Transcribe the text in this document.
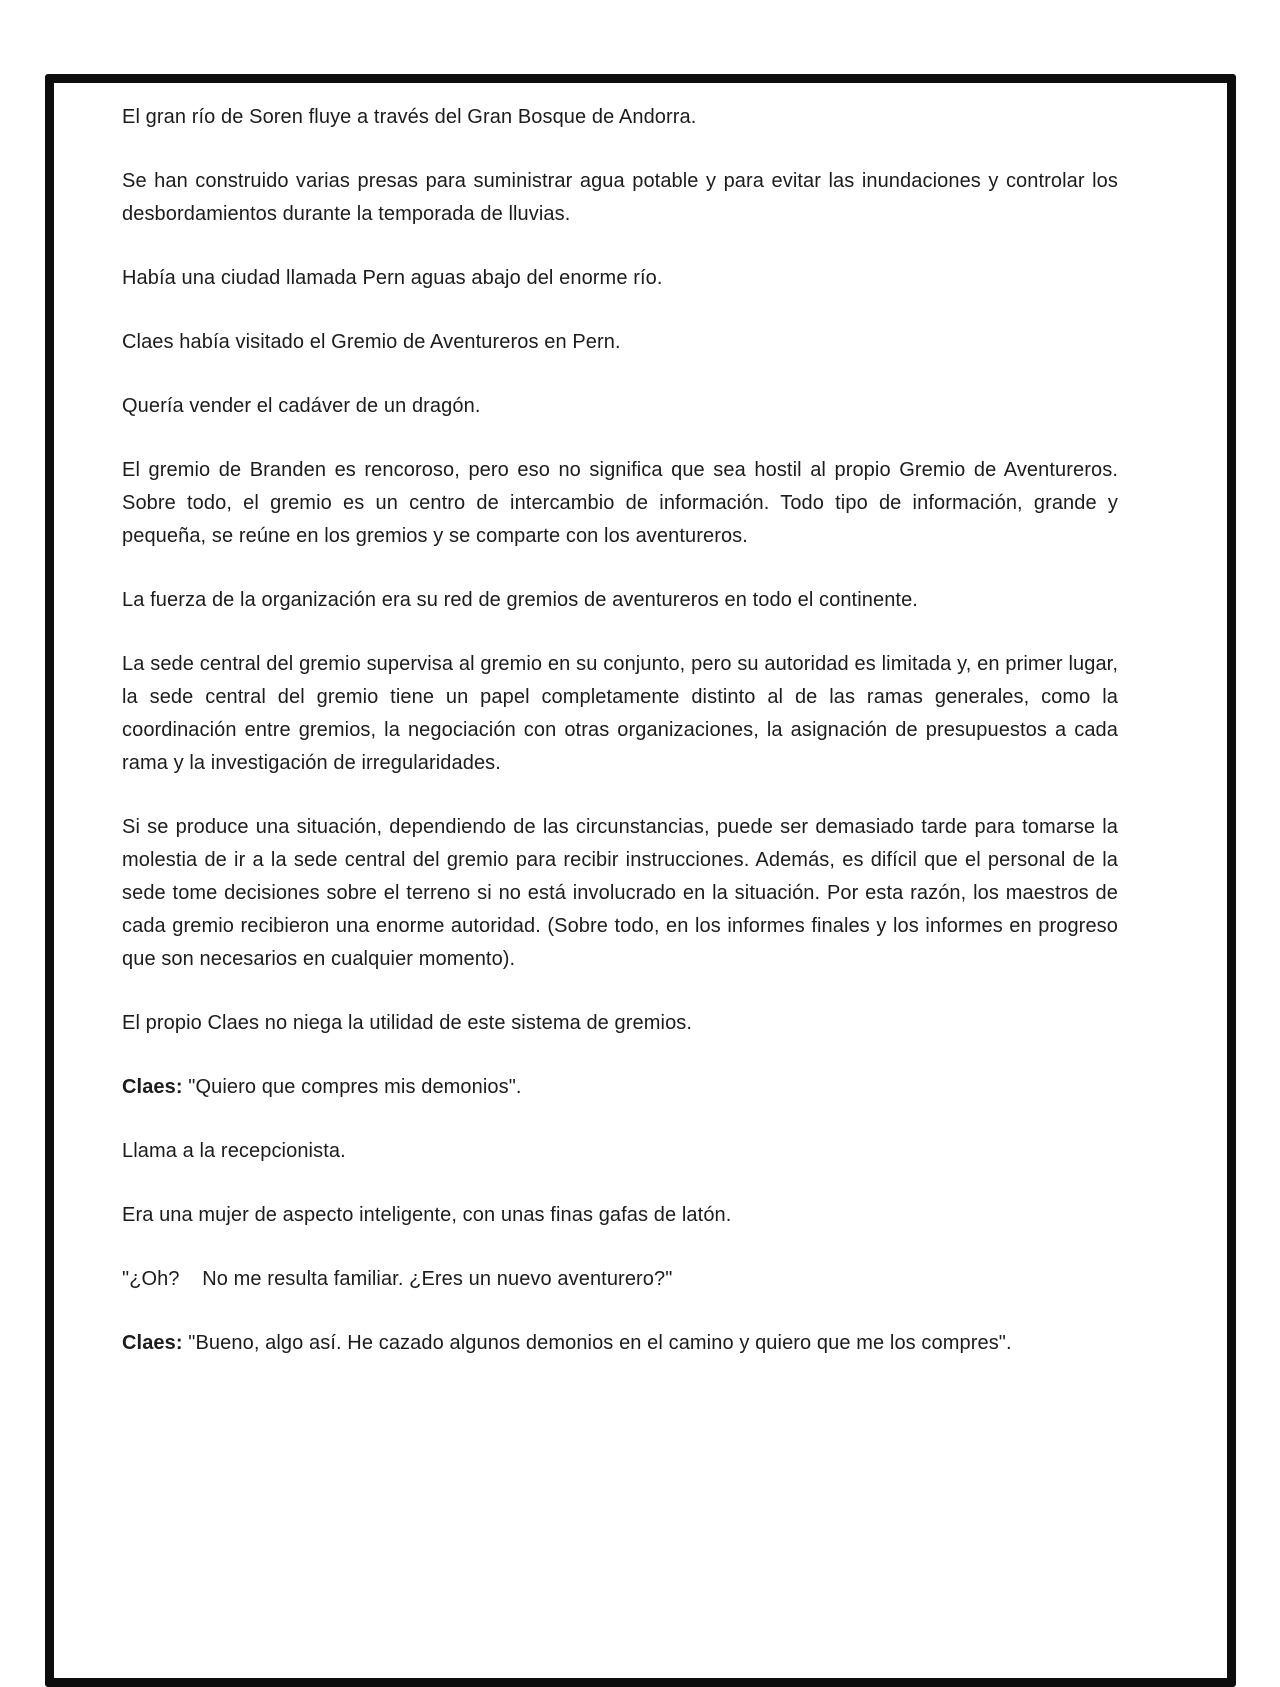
El gran río de Soren fluye a través del Gran Bosque de Andorra.

Se han construido varias presas para suministrar agua potable y para evitar las inundaciones y controlar los desbordamientos durante la temporada de lluvias.

Había una ciudad llamada Pern aguas abajo del enorme río.

Claes había visitado el Gremio de Aventureros en Pern.

Quería vender el cadáver de un dragón.

El gremio de Branden es rencoroso, pero eso no significa que sea hostil al propio Gremio de Aventureros. Sobre todo, el gremio es un centro de intercambio de información. Todo tipo de información, grande y pequeña, se reúne en los gremios y se comparte con los aventureros.

La fuerza de la organización era su red de gremios de aventureros en todo el continente.

La sede central del gremio supervisa al gremio en su conjunto, pero su autoridad es limitada y, en primer lugar, la sede central del gremio tiene un papel completamente distinto al de las ramas generales, como la coordinación entre gremios, la negociación con otras organizaciones, la asignación de presupuestos a cada rama y la investigación de irregularidades.

Si se produce una situación, dependiendo de las circunstancias, puede ser demasiado tarde para tomarse la molestia de ir a la sede central del gremio para recibir instrucciones. Además, es difícil que el personal de la sede tome decisiones sobre el terreno si no está involucrado en la situación. Por esta razón, los maestros de cada gremio recibieron una enorme autoridad. (Sobre todo, en los informes finales y los informes en progreso que son necesarios en cualquier momento).

El propio Claes no niega la utilidad de este sistema de gremios.

Claes: "Quiero que compres mis demonios".

Llama a la recepcionista.

Era una mujer de aspecto inteligente, con unas finas gafas de latón.

"¿Oh?    No me resulta familiar. ¿Eres un nuevo aventurero?"

Claes: "Bueno, algo así. He cazado algunos demonios en el camino y quiero que me los compres".
